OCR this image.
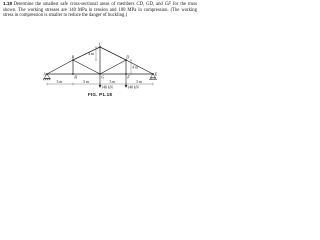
1.18 Determine the smallest safe cross-sectional areas of members CD, GD, and GF for the truss shown. The working stresses are 140 MPa in tension and 100 MPa in compression. (The working stress in compression is smaller to reduce the danger of buckling.)

A
B
C
D
E
F
G
H
4 m
4 m
3 m	3 m	3 m	3 m
140 kN	140 kN

FIG. P1.18
